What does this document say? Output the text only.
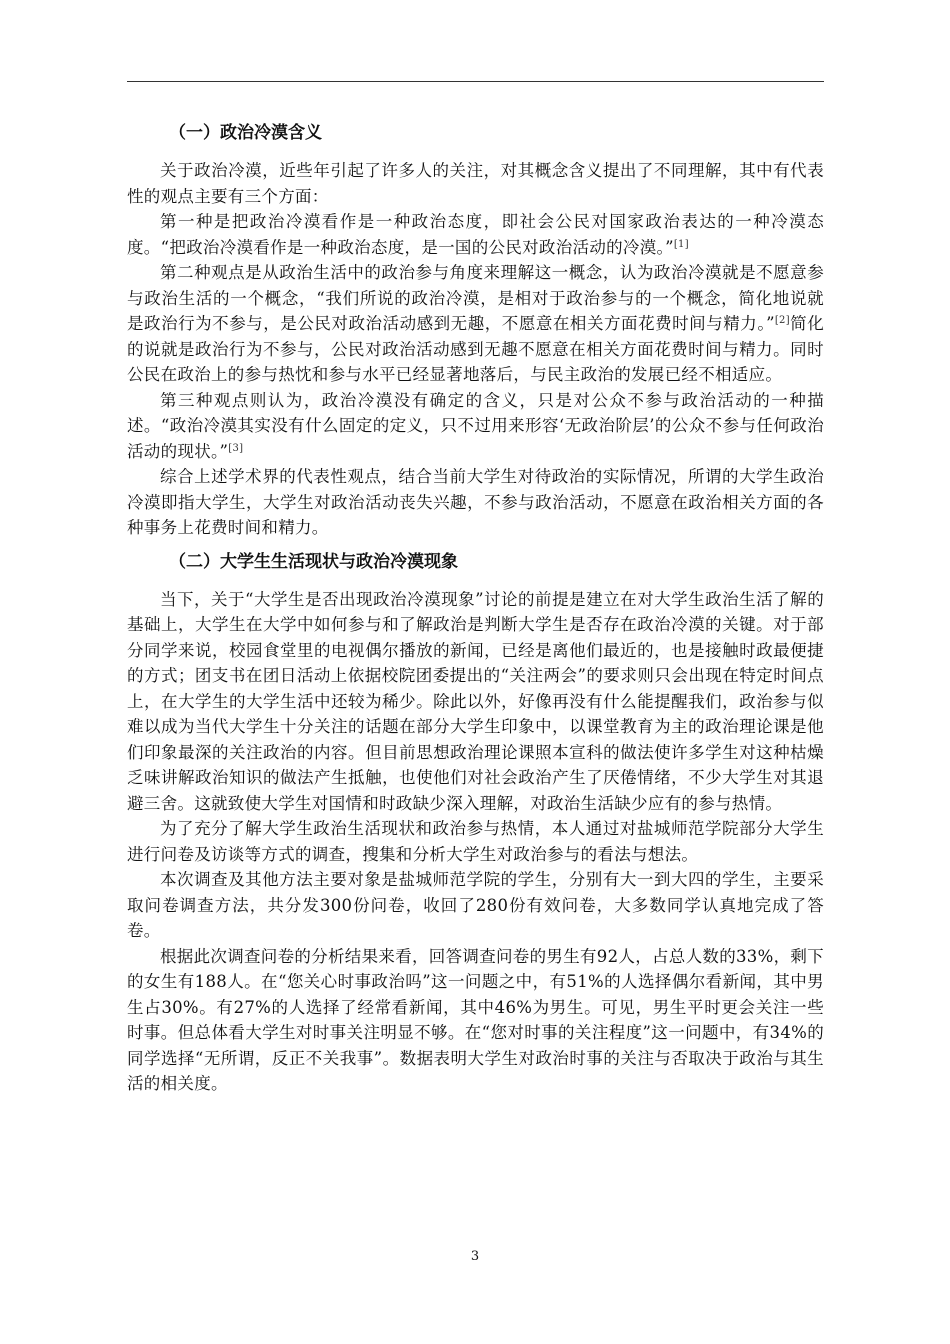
（一）政治冷漠含义

关于政治冷漠，近些年引起了许多人的关注，对其概念含义提出了不同理解，其中有代表性的观点主要有三个方面：

第一种是把政治冷漠看作是一种政治态度，即社会公民对国家政治表达的一种冷漠态度。“把政治冷漠看作是一种政治态度，是一国的公民对政治活动的冷漠。”[1]

第二种观点是从政治生活中的政治参与角度来理解这一概念，认为政治冷漠就是不愿意参与政治生活的一个概念，“我们所说的政治冷漠，是相对于政治参与的一个概念，简化地说就是政治行为不参与，是公民对政治活动感到无趣，不愿意在相关方面花费时间与精力。”[2]简化的说就是政治行为不参与，公民对政治活动感到无趣不愿意在相关方面花费时间与精力。同时公民在政治上的参与热忱和参与水平已经显著地落后，与民主政治的发展已经不相适应。

第三种观点则认为，政治冷漠没有确定的含义，只是对公众不参与政治活动的一种描述。“政治冷漠其实没有什么固定的定义，只不过用来形容‘无政治阶层’的公众不参与任何政治活动的现状。”[3]

综合上述学术界的代表性观点，结合当前大学生对待政治的实际情况，所谓的大学生政治冷漠即指大学生，大学生对政治活动丧失兴趣，不参与政治活动，不愿意在政治相关方面的各种事务上花费时间和精力。

（二）大学生生活现状与政治冷漠现象

当下，关于“大学生是否出现政治冷漠现象”讨论的前提是建立在对大学生政治生活了解的基础上，大学生在大学中如何参与和了解政治是判断大学生是否存在政治冷漠的关键。对于部分同学来说，校园食堂里的电视偶尔播放的新闻，已经是离他们最近的，也是接触时政最便捷的方式；团支书在团日活动上依据校院团委提出的“关注两会”的要求则只会出现在特定时间点上，在大学生的大学生活中还较为稀少。除此以外，好像再没有什么能提醒我们，政治参与似难以成为当代大学生十分关注的话题在部分大学生印象中，以课堂教育为主的政治理论课是他们印象最深的关注政治的内容。但目前思想政治理论课照本宣科的做法使许多学生对这种枯燥乏味讲解政治知识的做法产生抵触，也使他们对社会政治产生了厌倦情绪，不少大学生对其退避三舍。这就致使大学生对国情和时政缺少深入理解，对政治生活缺少应有的参与热情。

为了充分了解大学生政治生活现状和政治参与热情，本人通过对盐城师范学院部分大学生进行问卷及访谈等方式的调查，搜集和分析大学生对政治参与的看法与想法。

本次调查及其他方法主要对象是盐城师范学院的学生，分别有大一到大四的学生，主要采取问卷调查方法，共分发300份问卷，收回了280份有效问卷，大多数同学认真地完成了答卷。

根据此次调查问卷的分析结果来看，回答调查问卷的男生有92人，占总人数的33%，剩下的女生有188人。在“您关心时事政治吗”这一问题之中，有51%的人选择偶尔看新闻，其中男生占30%。有27%的人选择了经常看新闻，其中46%为男生。可见，男生平时更会关注一些时事。但总体看大学生对时事关注明显不够。在“您对时事的关注程度”这一问题中，有34%的同学选择“无所谓，反正不关我事”。数据表明大学生对政治时事的关注与否取决于政治与其生活的相关度。

3
